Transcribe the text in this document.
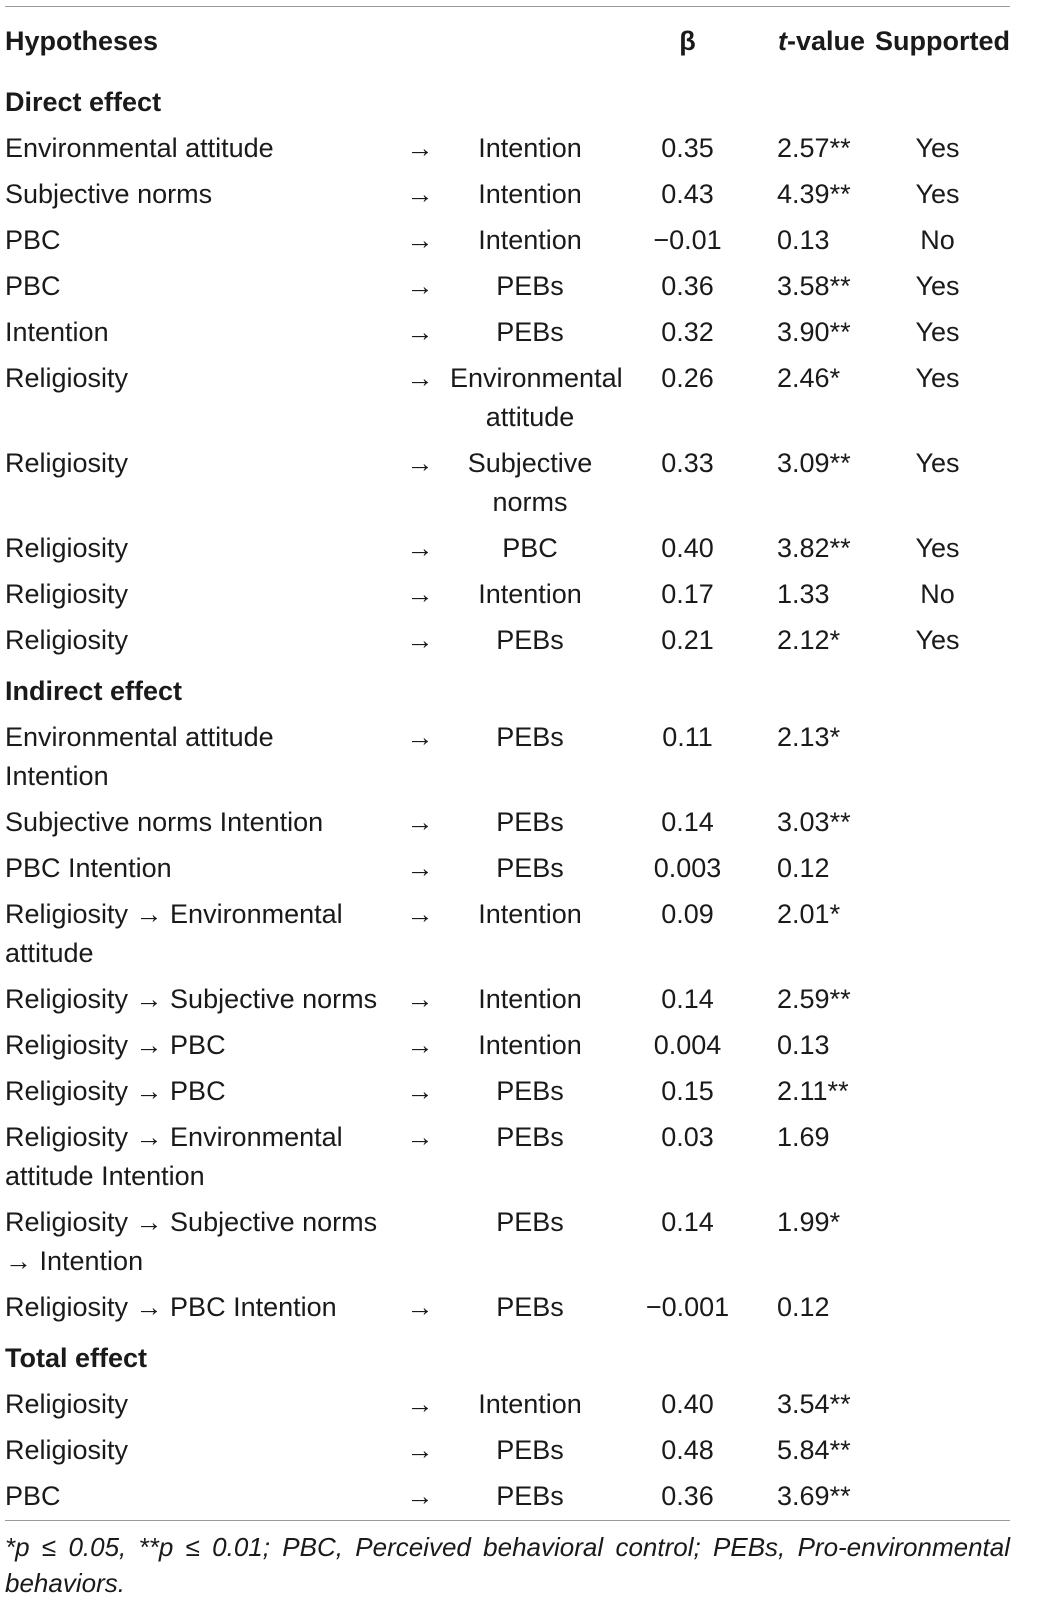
Hypotheses			β	t-value	Supported
Direct effect					
Environmental attitude	→	Intention	0.35	2.57**	Yes
Subjective norms	→	Intention	0.43	4.39**	Yes
PBC	→	Intention	−0.01	0.13	No
PBC	→	PEBs	0.36	3.58**	Yes
Intention	→	PEBs	0.32	3.90**	Yes
Religiosity	→	Environmental attitude	0.26	2.46*	Yes
Religiosity	→	Subjective norms	0.33	3.09**	Yes
Religiosity	→	PBC	0.40	3.82**	Yes
Religiosity	→	Intention	0.17	1.33	No
Religiosity	→	PEBs	0.21	2.12*	Yes
Indirect effect					
Environmental attitude Intention	→	PEBs	0.11	2.13*	
Subjective norms Intention	→	PEBs	0.14	3.03**	
PBC Intention	→	PEBs	0.003	0.12	
Religiosity → Environmental attitude	→	Intention	0.09	2.01*	
Religiosity → Subjective norms	→	Intention	0.14	2.59**	
Religiosity → PBC	→	Intention	0.004	0.13	
Religiosity → PBC	→	PEBs	0.15	2.11**	
Religiosity → Environmental attitude Intention	→	PEBs	0.03	1.69	
Religiosity → Subjective norms → Intention		PEBs	0.14	1.99*	
Religiosity → PBC Intention	→	PEBs	−0.001	0.12	
Total effect					
Religiosity	→	Intention	0.40	3.54**	
Religiosity	→	PEBs	0.48	5.84**	
PBC	→	PEBs	0.36	3.69**	
*p ≤ 0.05, **p ≤ 0.01; PBC, Perceived behavioral control; PEBs, Pro-environmental behaviors.
